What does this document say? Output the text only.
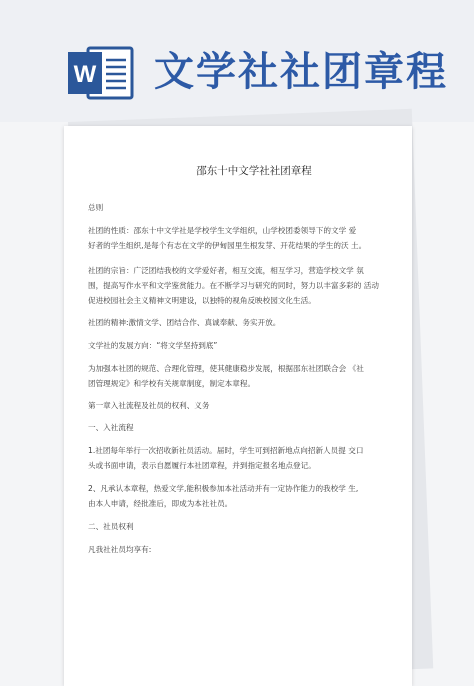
W 文学社社团章程
邵东十中文学社社团章程
总则
社团的性质：邵东十中文学社是学校学生文学组织，山学校团委领导下的文学 爱
好者的学生组织,是每个有志在文学的伊甸园里生根发芽、开花结果的学生的沃 土。
社团的宗旨：广泛团结我校的文学爱好者，相互交流，相互学习，营造学校文学 氛
围，提高写作水平和文学鉴赏能力。在不断学习与研究的同时，努力以丰富多彩的 活动
促进校园社会主义精神文明建设，以独特的视角反映校园文化生活。
社团的精神:激情文学、团结合作、真诚奉献、务实开放。
文学社的发展方向：“将文学坚持到底”
为加强本社团的规范、合理化管理，使其健康稳步发展，根据邵东社团联合会 《社
团管理规定》和学校有关规章制度，制定本章程。
第一章入社流程及社员的权利、义务
一、入社流程
1.社团每年举行一次招收新社员活动。届时，学生可到招新地点向招新人员提 交口
头或书面申请，表示自愿履行本社团章程，并到指定报名地点登记。
2、凡承认本章程，热爱文学,能积极参加本社活动并有一定协作能力的我校学 生,
由本人申请，经批准后，即成为本社社员。
二、社员权利
凡我社社员均享有:
